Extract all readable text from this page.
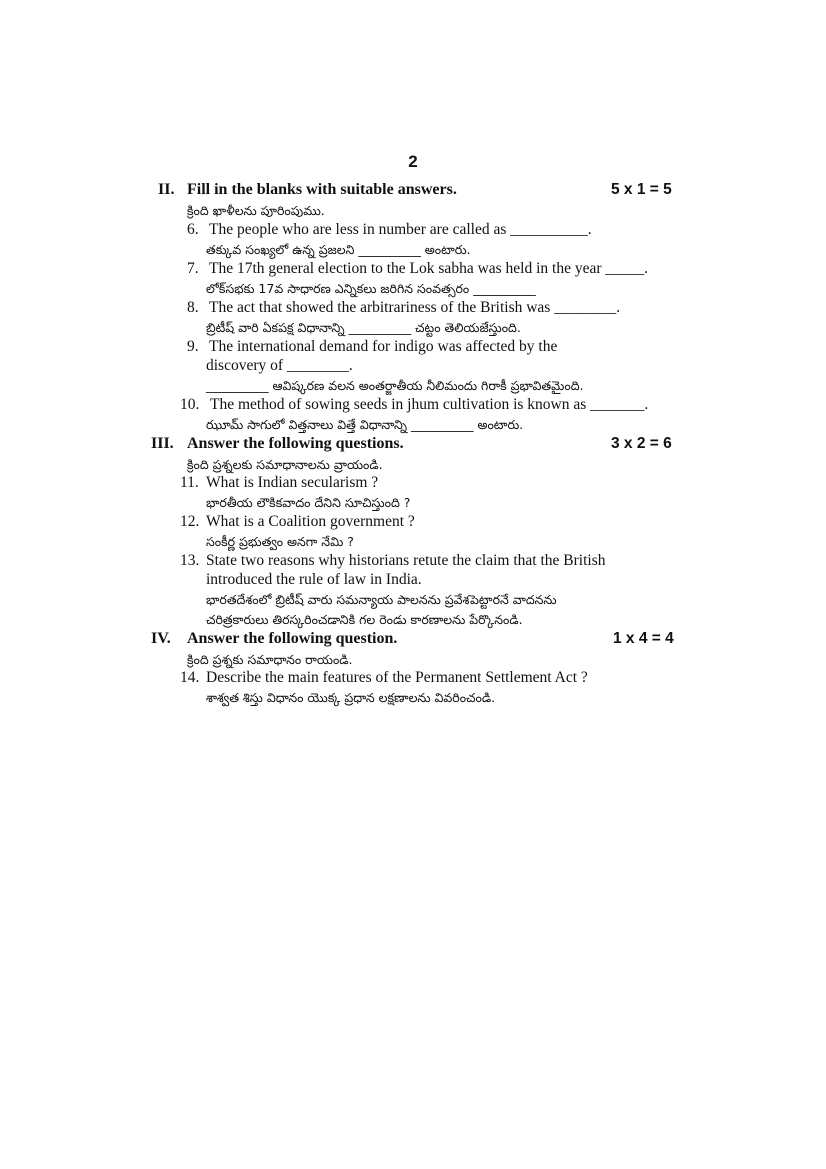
2
II. Fill in the blanks with suitable answers.	5 x 1 = 5
క్రింది ఖాళీలను పూరింపుము.
6. The people who are less in number are called as __________.
తక్కువ సంఖ్యలో ఉన్న ప్రజలని __________ అంటారు.
7. The 17th general election to the Lok sabha was held in the year _____.
లోక్‌సభకు 17వ సాధారణ ఎన్నికలు జరిగిన సంవత్సరం __________
8. The act that showed the arbitrariness of the British was ________.
బ్రిటీష్ వారి ఏకపక్ష విధానాన్ని __________ చట్టం తెలియజేస్తుంది.
9. The international demand for indigo was affected by the
discovery of ________.
__________ ఆవిష్కరణ వలన అంతర్జాతీయ నీలిమందు గిరాకీ ప్రభావితమైంది.
10. The method of sowing seeds in jhum cultivation is known as _______.
ఝూమ్ సాగులో విత్తనాలు విత్తే విధానాన్ని __________ అంటారు.
III. Answer the following questions.	3 x 2 = 6
క్రింది ప్రశ్నలకు సమాధానాలను వ్రాయండి.
11. What is Indian secularism ?
భారతీయ లౌకికవాదం దేనిని సూచిస్తుంది ?
12. What is a Coalition government ?
సంకీర్ణ ప్రభుత్వం అనగా నేమి ?
13. State two reasons why historians retute the claim that the British
introduced the rule of law in India.
భారతదేశంలో బ్రిటీష్ వారు సమన్యాయ పాలనను ప్రవేశపెట్టారనే వాదనను
చరిత్రకారులు తిరస్కరించడానికి గల రెండు కారణాలను పేర్కొనండి.
IV. Answer the following question.	1 x 4 = 4
క్రింది ప్రశ్నకు సమాధానం రాయండి.
14. Describe the main features of the Permanent Settlement Act ?
శాశ్వత శిస్తు విధానం యొక్క ప్రధాన లక్షణాలను వివరించండి.
